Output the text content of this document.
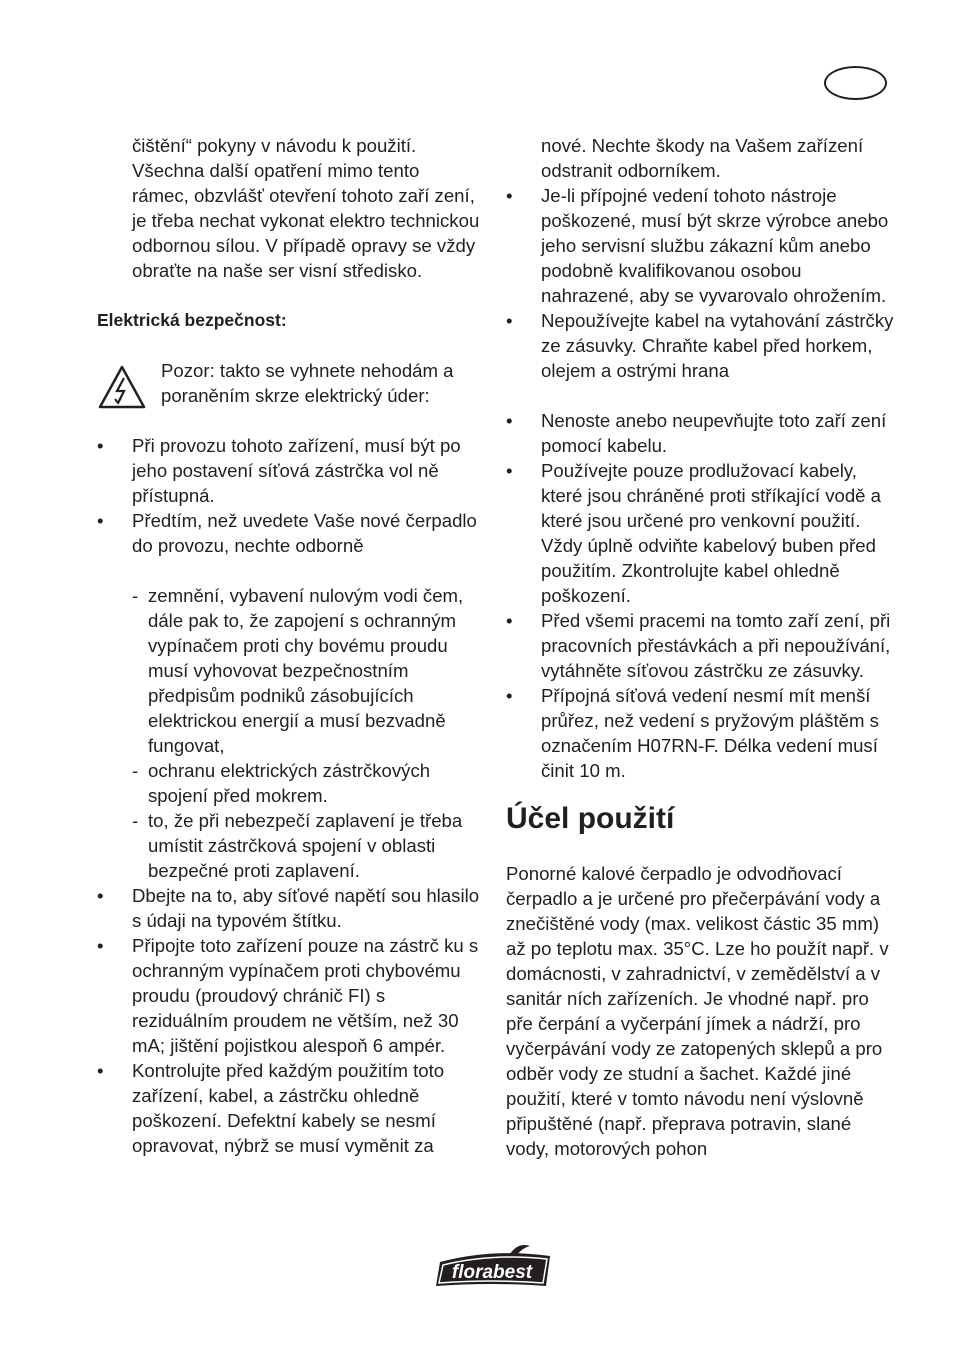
čištění“ pokyny v návodu k použití. Všechna další opatření mimo tento rámec, obzvlášť otevření tohoto zaří zení, je třeba nechat vykonat elektro technickou odbornou sílou. V případě opravy se vždy obraťte na naše ser visní středisko.
Elektrická bezpečnost:
Pozor: takto se vyhnete nehodám a poraněním skrze elektrický úder:
• Při provozu tohoto zařízení, musí být po jeho postavení síťová zástrčka vol ně přístupná.
• Předtím, než uvedete Vaše nové čerpadlo do provozu, nechte odborně
- zemnění, vybavení nulovým vodi čem, dále pak to, že zapojení s ochranným vypínačem proti chy bovému proudu musí vyhovovat bezpečnostním předpisům podniků zásobujících elektrickou energií a musí bezvadně fungovat,
- ochranu elektrických zástrčkových spojení před mokrem.
- to, že při nebezpečí zaplavení je třeba umístit zástrčková spojení v oblasti bezpečné proti zaplavení.
• Dbejte na to, aby síťové napětí sou hlasilo s údaji na typovém štítku.
• Připojte toto zařízení pouze na zástrč ku s ochranným vypínačem proti chybovému proudu (proudový chránič FI) s reziduálním proudem ne větším, než 30 mA; jištění pojistkou alespoň 6 ampér.
• Kontrolujte před každým použitím toto zařízení, kabel, a zástrčku ohledně poškození. Defektní kabely se nesmí opravovat, nýbrž se musí vyměnit za
nové. Nechte škody na Vašem zařízení odstranit odborníkem.
• Je-li přípojné vedení tohoto nástroje poškozené, musí být skrze výrobce anebo jeho servisní službu zákazní kům anebo podobně kvalifikovanou osobou nahrazené, aby se vyvarovalo ohrožením.
• Nepoužívejte kabel na vytahování zástrčky ze zásuvky. Chraňte kabel před horkem, olejem a ostrými hrana
• Nenoste anebo neupevňujte toto zaří zení pomocí kabelu.
• Používejte pouze prodlužovací kabely, které jsou chráněné proti stříkající vodě a které jsou určené pro venkovní použití. Vždy úplně odviňte kabelový buben před použitím. Zkontrolujte kabel ohledně poškození.
• Před všemi pracemi na tomto zaří zení, při pracovních přestávkách a při nepoužívání, vytáhněte síťovou zástrčku ze zásuvky.
• Přípojná síťová vedení nesmí mít menší průřez, než vedení s pryžovým pláštěm s označením H07RN-F. Délka vedení musí činit 10 m.
Účel použití
Ponorné kalové čerpadlo je odvodňovací čerpadlo a je určené pro přečerpávání vody a znečištěné vody (max. velikost částic 35 mm) až po teplotu max. 35°C. Lze ho použít např. v domácnosti, v zahradnictví, v zemědělství a v sanitár ních zařízeních. Je vhodné např. pro pře čerpání a vyčerpání jímek a nádrží, pro vyčerpávání vody ze zatopených sklepů a pro odběr vody ze studní a šachet. Každé jiné použití, které v tomto návodu není výslovně připuštěné (např. přeprava potravin, slané vody, motorových pohon
florabest
